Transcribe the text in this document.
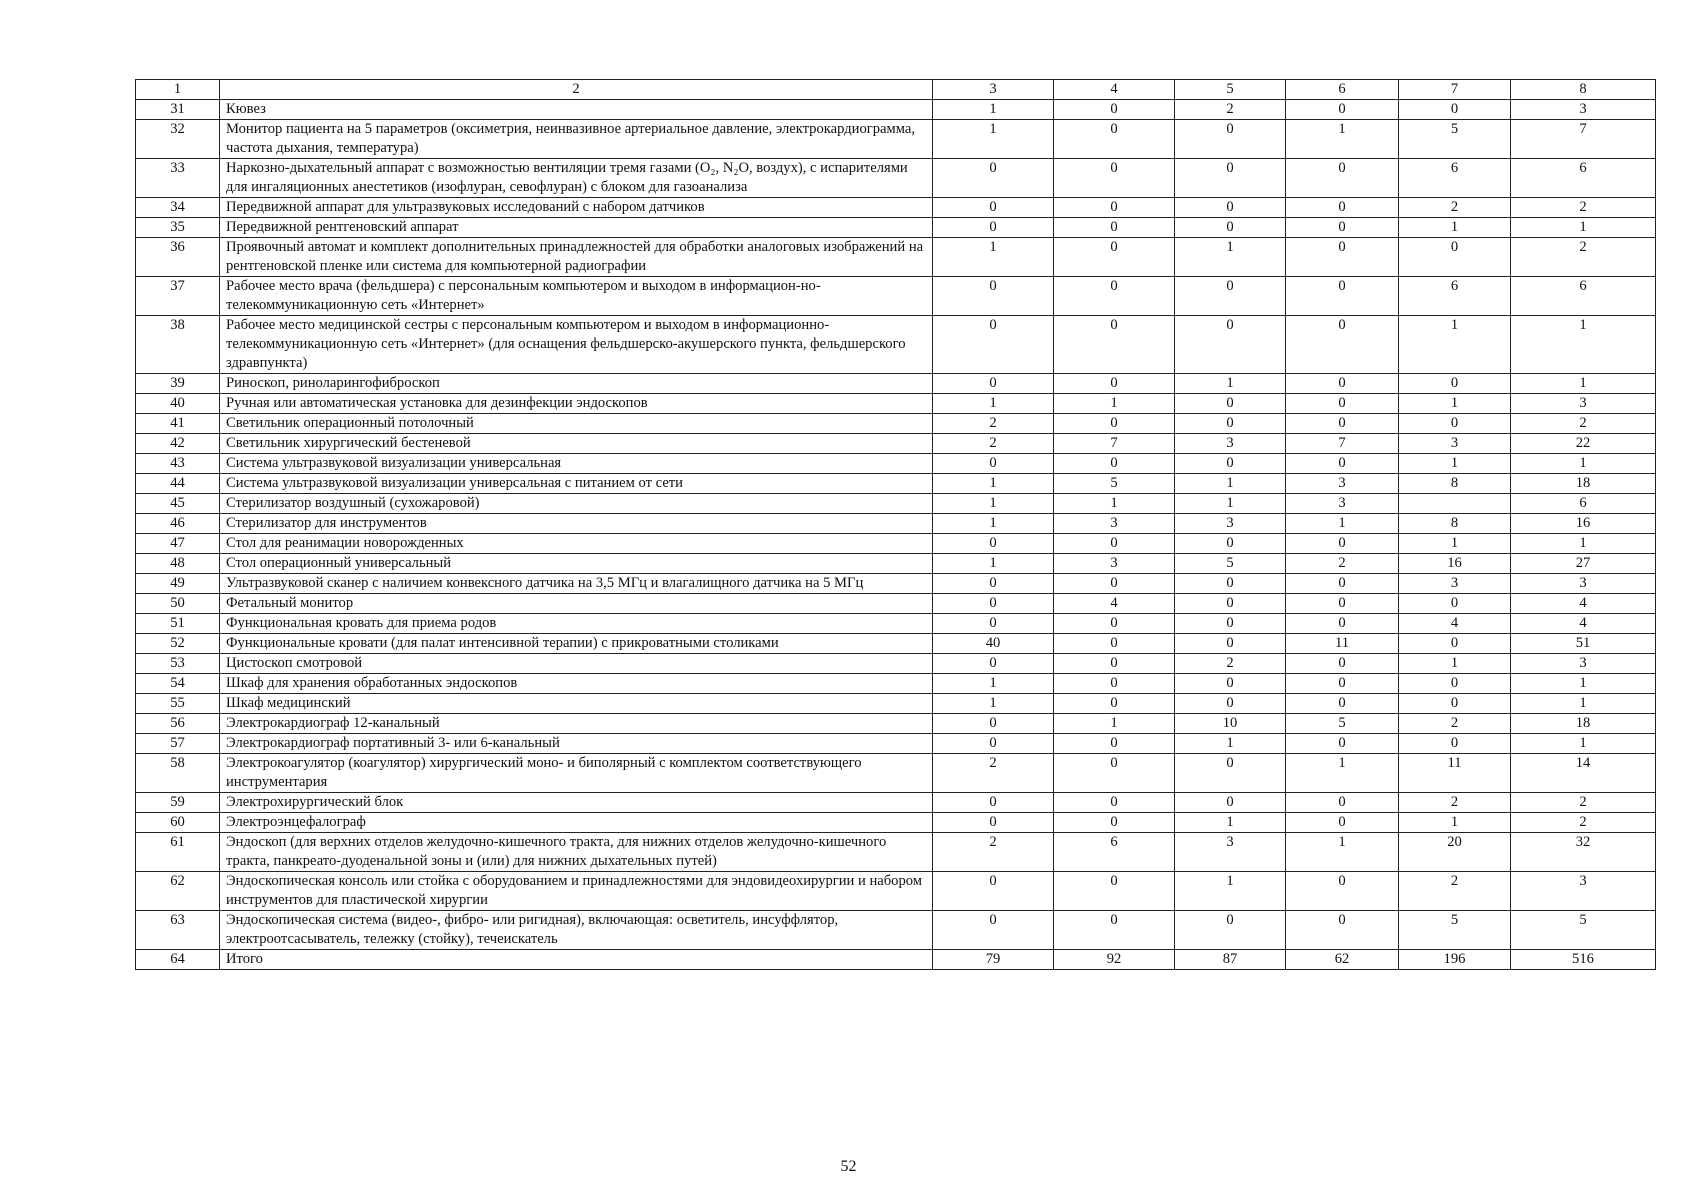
1	2	3	4	5	6	7	8
31	Кювез	1	0	2	0	0	3
32	Монитор пациента на 5 параметров (оксиметрия, неинвазивное артериальное давление, электрокардиограмма, частота дыхания, температура)	1	0	0	1	5	7
33	Наркозно-дыхательный аппарат с возможностью вентиляции тремя газами (O₂, N₂O, воздух), с испарителями для ингаляционных анестетиков (изофлуран, севофлуран) с блоком для газоанализа	0	0	0	0	6	6
34	Передвижной аппарат для ультразвуковых исследований с набором датчиков	0	0	0	0	2	2
35	Передвижной рентгеновский аппарат	0	0	0	0	1	1
36	Проявочный автомат и комплект дополнительных принадлежностей для обработки аналоговых изображений на рентгеновской пленке или система для компьютерной радиографии	1	0	1	0	0	2
37	Рабочее место врача (фельдшера) с персональным компьютером и выходом в информацион-но-телекоммуникационную сеть «Интернет»	0	0	0	0	6	6
38	Рабочее место медицинской сестры с персональным компьютером и выходом в информационно-телекоммуникационную сеть «Интернет» (для оснащения фельдшерско-акушерского пункта, фельдшерского здравпункта)	0	0	0	0	1	1
39	Риноскоп, риноларингофиброскоп	0	0	1	0	0	1
40	Ручная или автоматическая установка для дезинфекции эндоскопов	1	1	0	0	1	3
41	Светильник операционный потолочный	2	0	0	0	0	2
42	Светильник хирургический бестеневой	2	7	3	7	3	22
43	Система ультразвуковой визуализации универсальная	0	0	0	0	1	1
44	Система ультразвуковой визуализации универсальная с питанием от сети	1	5	1	3	8	18
45	Стерилизатор воздушный (сухожаровой)	1	1	1	3		6
46	Стерилизатор для инструментов	1	3	3	1	8	16
47	Стол для реанимации новорожденных	0	0	0	0	1	1
48	Стол операционный универсальный	1	3	5	2	16	27
49	Ультразвуковой сканер с наличием конвексного датчика на 3,5 МГц и влагалищного датчика на 5 МГц	0	0	0	0	3	3
50	Фетальный монитор	0	4	0	0	0	4
51	Функциональная кровать для приема родов	0	0	0	0	4	4
52	Функциональные кровати (для палат интенсивной терапии) с прикроватными столиками	40	0	0	11	0	51
53	Цистоскоп смотровой	0	0	2	0	1	3
54	Шкаф для хранения обработанных эндоскопов	1	0	0	0	0	1
55	Шкаф медицинский	1	0	0	0	0	1
56	Электрокардиограф 12-канальный	0	1	10	5	2	18
57	Электрокардиограф портативный 3- или 6-канальный	0	0	1	0	0	1
58	Электрокоагулятор (коагулятор) хирургический моно- и биполярный с комплектом соответствующего инструментария	2	0	0	1	11	14
59	Электрохирургический блок	0	0	0	0	2	2
60	Электроэнцефалограф	0	0	1	0	1	2
61	Эндоскоп (для верхних отделов желудочно-кишечного тракта, для нижних отделов желудочно-кишечного тракта, панкреато-дуоденальной зоны и (или) для нижних дыхательных путей)	2	6	3	1	20	32
62	Эндоскопическая консоль или стойка с оборудованием и принадлежностями для эндовидеохирургии и набором инструментов для пластической хирургии	0	0	1	0	2	3
63	Эндоскопическая система (видео-, фибро- или ригидная), включающая: осветитель, инсуффлятор, электроотсасыватель, тележку (стойку), течеискатель	0	0	0	0	5	5
64	Итого	79	92	87	62	196	516
52
